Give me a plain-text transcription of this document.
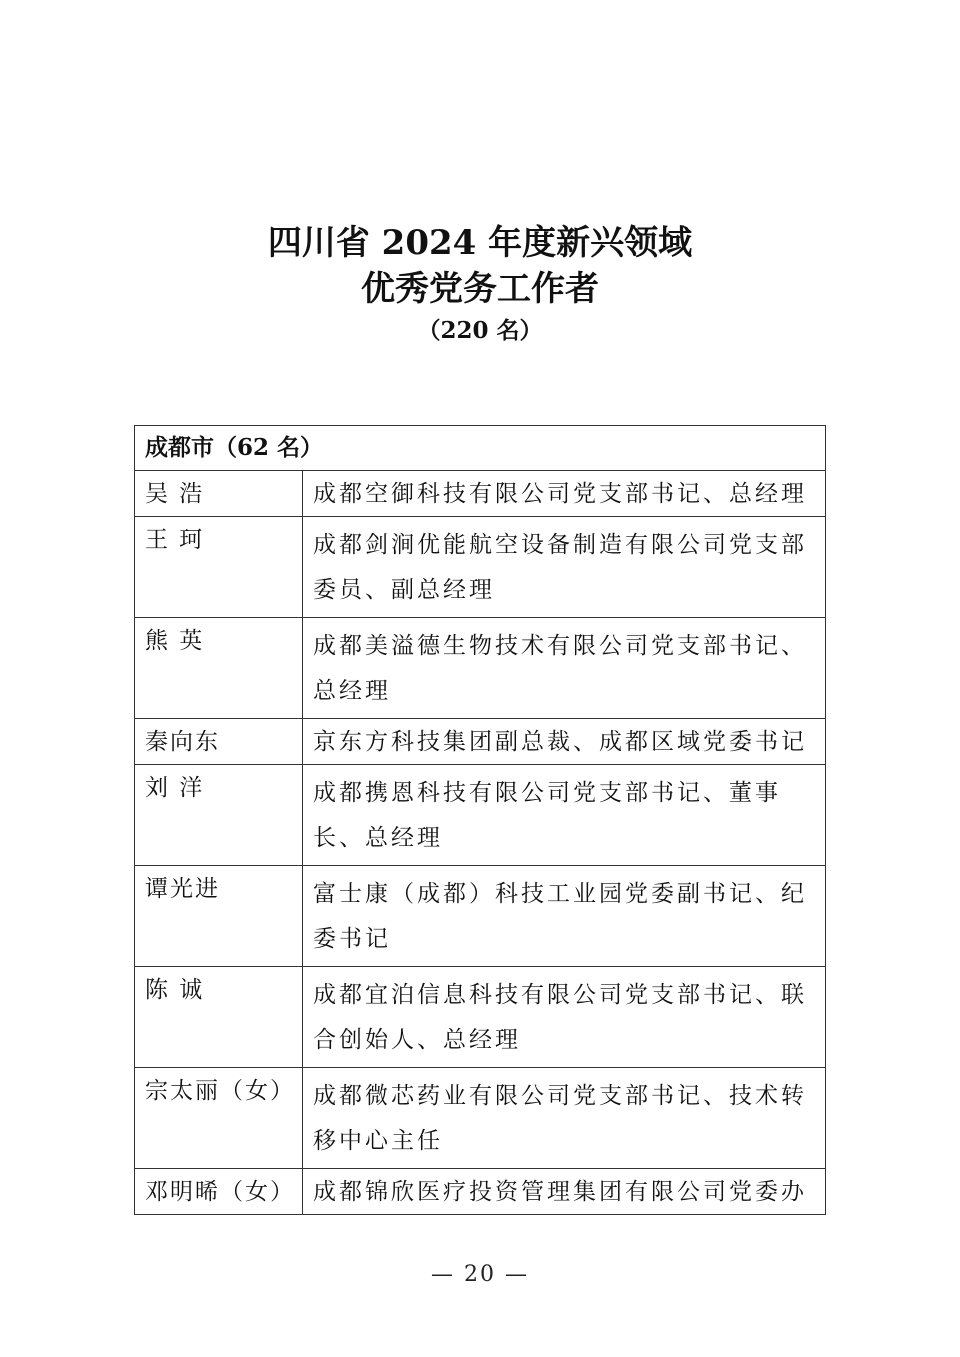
四川省 2024 年度新兴领域
优秀党务工作者
（220 名）
成都市（62 名）	
吴 浩	成都空御科技有限公司党支部书记、总经理
王 珂	成都剑涧优能航空设备制造有限公司党支部委员、副总经理
熊 英	成都美溢德生物技术有限公司党支部书记、总经理
秦向东	京东方科技集团副总裁、成都区域党委书记
刘 洋	成都携恩科技有限公司党支部书记、董事长、总经理
谭光进	富士康（成都）科技工业园党委副书记、纪委书记
陈 诚	成都宜泊信息科技有限公司党支部书记、联合创始人、总经理
宗太丽（女）	成都微芯药业有限公司党支部书记、技术转移中心主任
邓明晞（女）	成都锦欣医疗投资管理集团有限公司党委办
— 20 —
